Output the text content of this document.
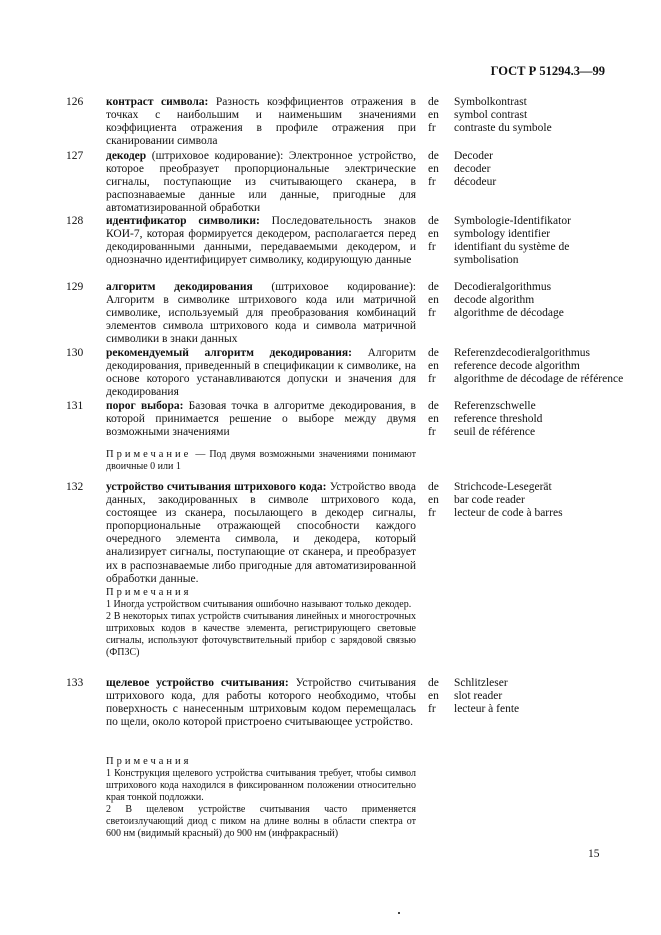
ГОСТ Р 51294.3—99
126 контраст символа: Разность коэффициентов отражения в точках с наибольшим и наименьшим значениями коэффициента отражения в профиле отражения при сканировании символа
de	Symbolkontrast
en	symbol contrast
fr	contraste du symbole
127 декодер (штриховое кодирование): Электронное устройство, которое преобразует пропорциональные электрические сигналы, поступающие из считывающего сканера, в распознаваемые данные или данные, пригодные для автоматизированной обработки
de	Decoder
en	decoder
fr	décodeur
128 идентификатор символики: Последовательность знаков КОИ-7, которая формируется декодером, располагается перед декодированными данными, передаваемыми декодером, и однозначно идентифицирует символику, кодирующую данные
de	Symbologie-Identifikator
en	symbology identifier
fr	identifiant du système de symbolisation
129 алгоритм декодирования (штриховое кодирование): Алгоритм в символике штрихового кода или матричной символике, используемый для преобразования комбинаций элементов символа штрихового кода и символа матричной символики в знаки данных
de	Decodieralgorithmus
en	decode algorithm
fr	algorithme de décodage
130 рекомендуемый алгоритм декодирования: Алгоритм декодирования, приведенный в спецификации к символике, на основе которого устанавливаются допуски и значения для декодирования
de	Referenzdecodieralgorithmus
en	reference decode algorithm
fr	algorithme de décodage de référence
131 порог выбора: Базовая точка в алгоритме декодирования, в которой принимается решение о выборе между двумя возможными значениями
de	Referenzschwelle
en	reference threshold
fr	seuil de référence
Примечание — Под двумя возможными значениями понимают двоичные 0 или 1
132 устройство считывания штрихового кода: Устройство ввода данных, закодированных в символе штрихового кода, состоящее из сканера, посылающего в декодер сигналы, пропорциональные отражающей способности каждого очередного элемента символа, и декодера, который анализирует сигналы, поступающие от сканера, и преобразует их в распознаваемые либо пригодные для автоматизированной обработки данные.
de	Strichcode-Lesegerät
en	bar code reader
fr	lecteur de code à barres
Примечания
1 Иногда устройством считывания ошибочно называют только декодер.
2 В некоторых типах устройств считывания линейных и многострочных штриховых кодов в качестве элемента, регистрирующего световые сигналы, используют фоточувствительный прибор с зарядовой связью (ФПЗС)
133 щелевое устройство считывания: Устройство считывания штрихового кода, для работы которого необходимо, чтобы поверхность с нанесенным штриховым кодом перемещалась по щели, около которой пристроено считывающее устройство.
de	Schlitzleser
en	slot reader
fr	lecteur à fente
Примечания
1 Конструкция щелевого устройства считывания требует, чтобы символ штрихового кода находился в фиксированном положении относительно края тонкой подложки.
2 В щелевом устройстве считывания часто применяется светоизлучающий диод с пиком на длине волны в области спектра от 600 нм (видимый красный) до 900 нм (инфракрасный)
15
